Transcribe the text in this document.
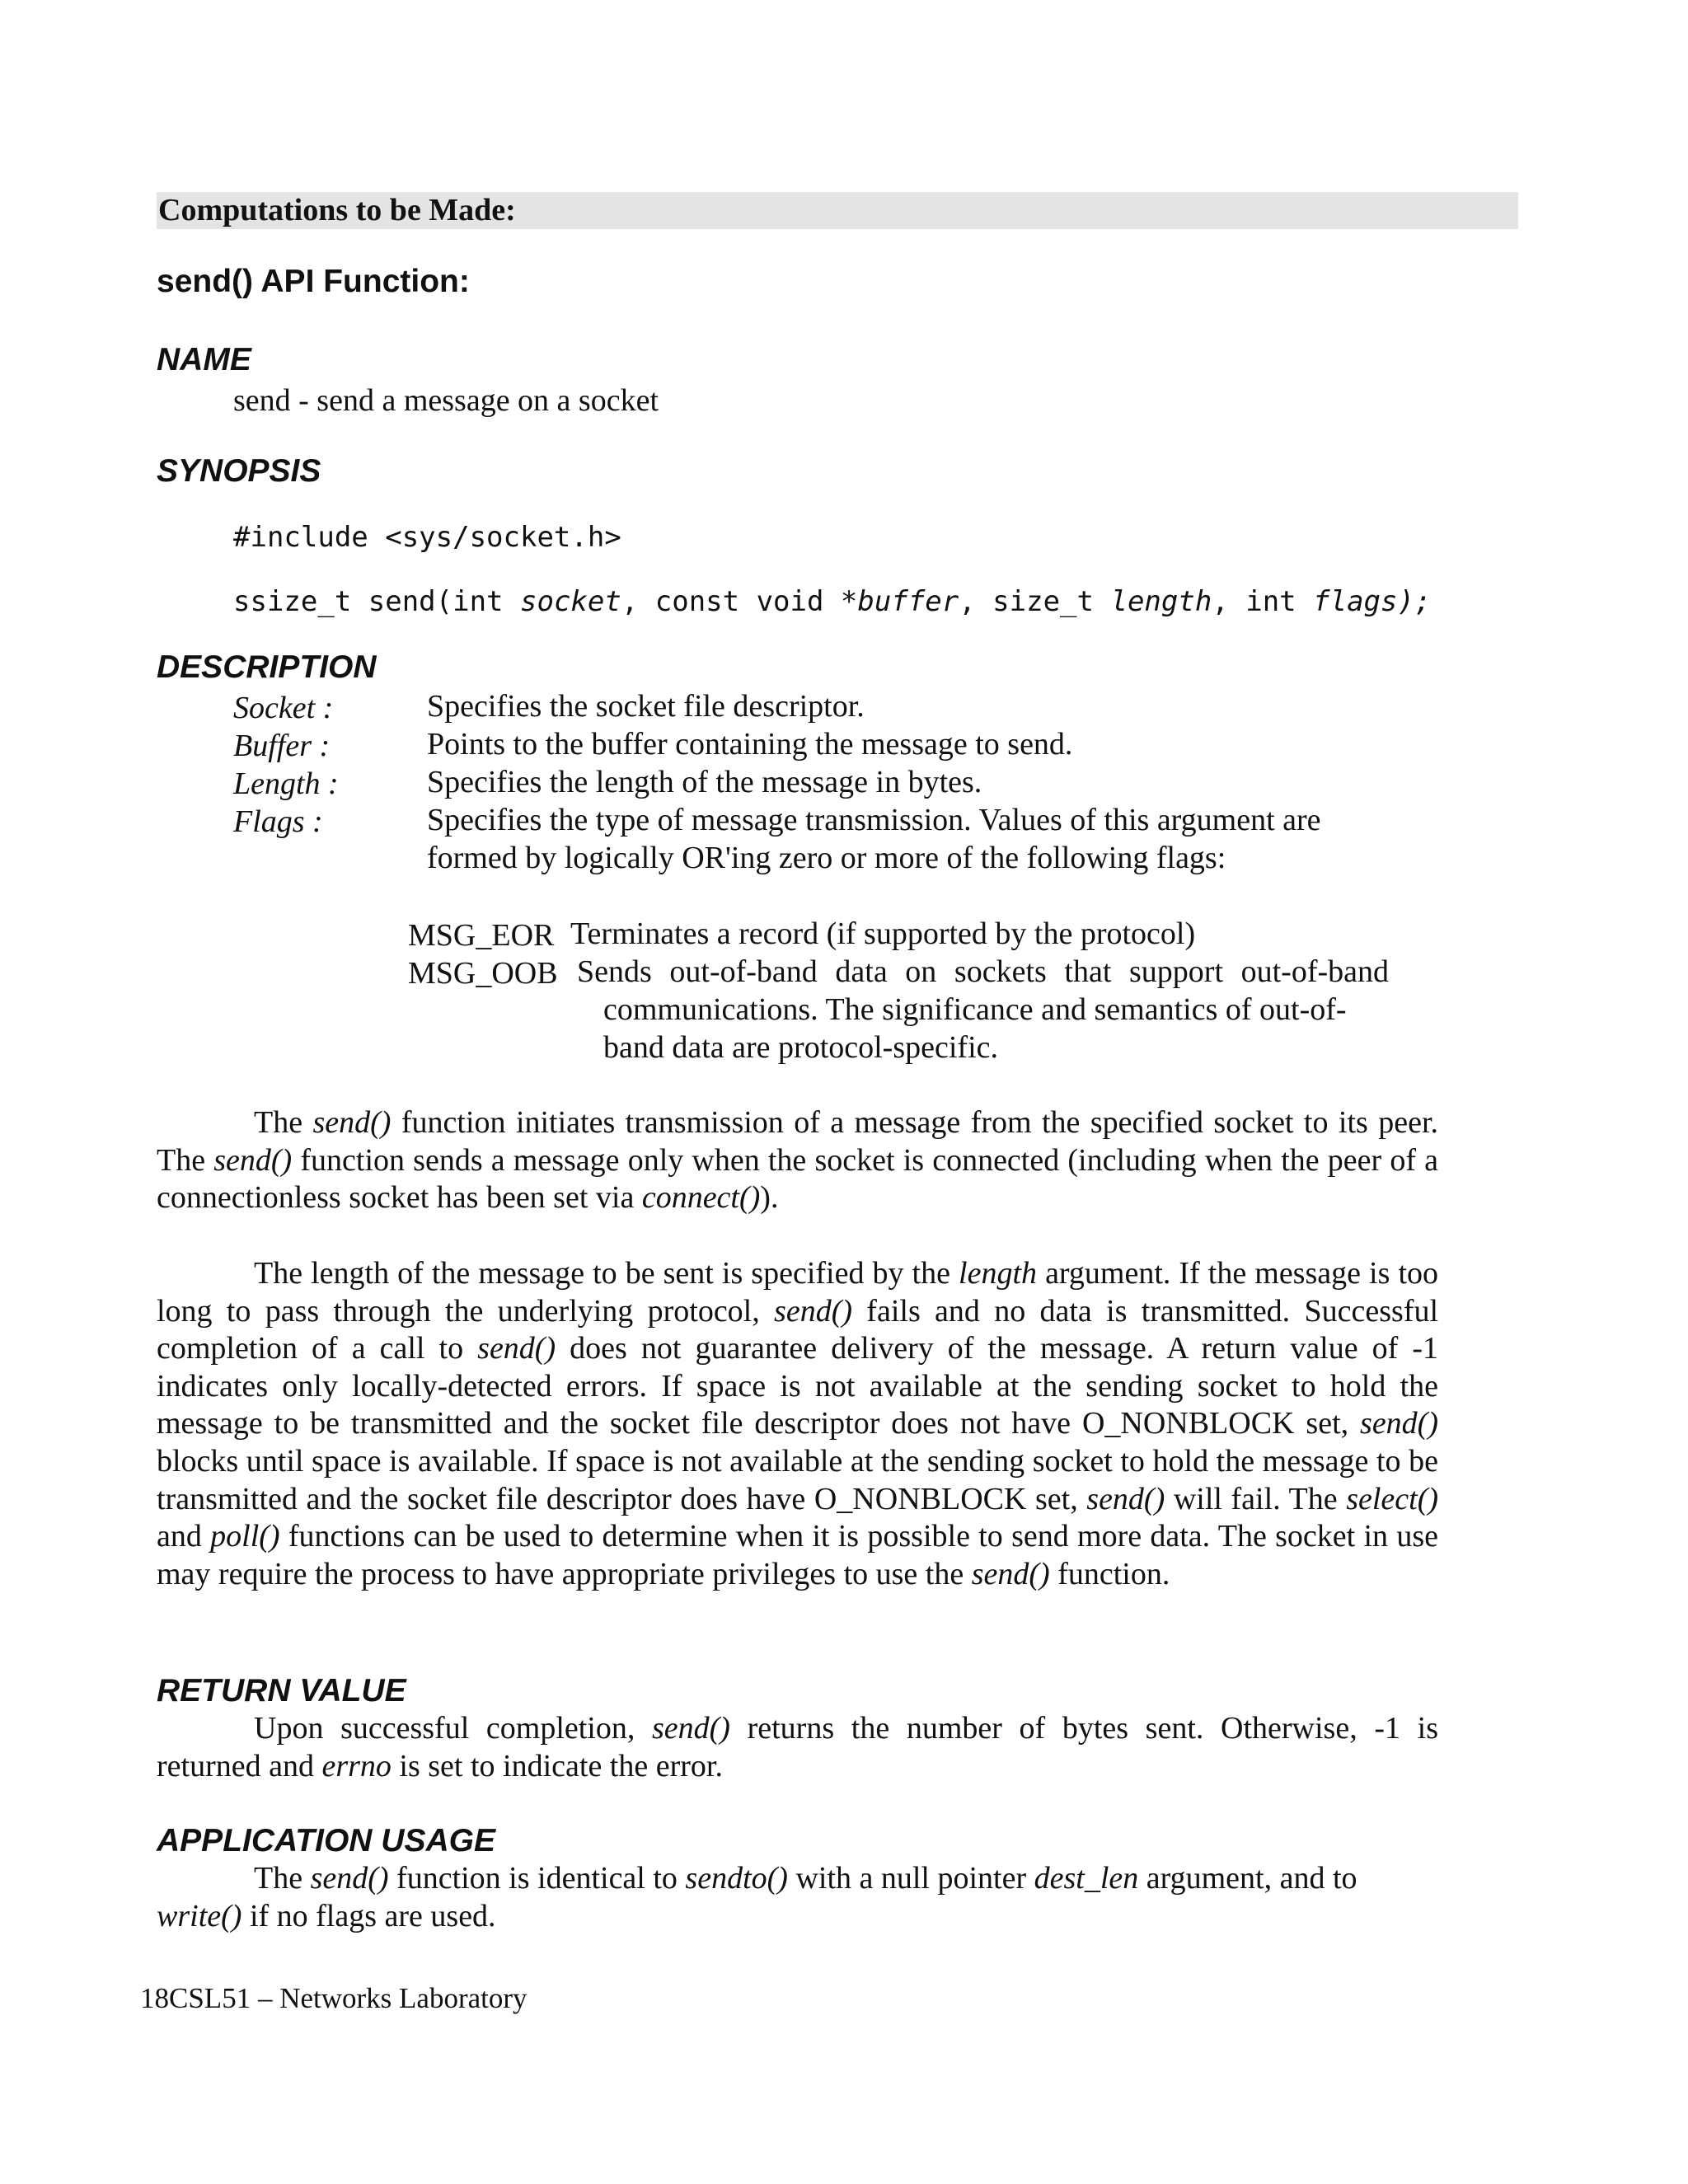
Computations to be Made:
send() API Function:
NAME
send - send a message on a socket
SYNOPSIS
#include <sys/socket.h>
ssize_t send(int socket, const void *buffer, size_t length, int flags);
DESCRIPTION
Socket :	Specifies the socket file descriptor.
Buffer :	Points to the buffer containing the message to send.
Length :	Specifies the length of the message in bytes.
Flags :	Specifies the type of message transmission. Values of this argument are
formed by logically OR'ing zero or more of the following flags:
MSG_EOR Terminates a record (if supported by the protocol)
MSG_OOB Sends out-of-band data on sockets that support out-of-band
communications. The significance and semantics of out-of-
band data are protocol-specific.

The send() function initiates transmission of a message from the specified socket to its peer. The send() function sends a message only when the socket is connected (including when the peer of a connectionless socket has been set via connect()).

The length of the message to be sent is specified by the length argument. If the message is too long to pass through the underlying protocol, send() fails and no data is transmitted. Successful completion of a call to send() does not guarantee delivery of the message. A return value of -1 indicates only locally-detected errors. If space is not available at the sending socket to hold the message to be transmitted and the socket file descriptor does not have O_NONBLOCK set, send() blocks until space is available. If space is not available at the sending socket to hold the message to be transmitted and the socket file descriptor does have O_NONBLOCK set, send() will fail. The select() and poll() functions can be used to determine when it is possible to send more data. The socket in use may require the process to have appropriate privileges to use the send() function.

RETURN VALUE

Upon successful completion, send() returns the number of bytes sent. Otherwise, -1 is returned and errno is set to indicate the error.

APPLICATION USAGE

The send() function is identical to sendto() with a null pointer dest_len argument, and to write() if no flags are used.

18CSL51 – Networks Laboratory
